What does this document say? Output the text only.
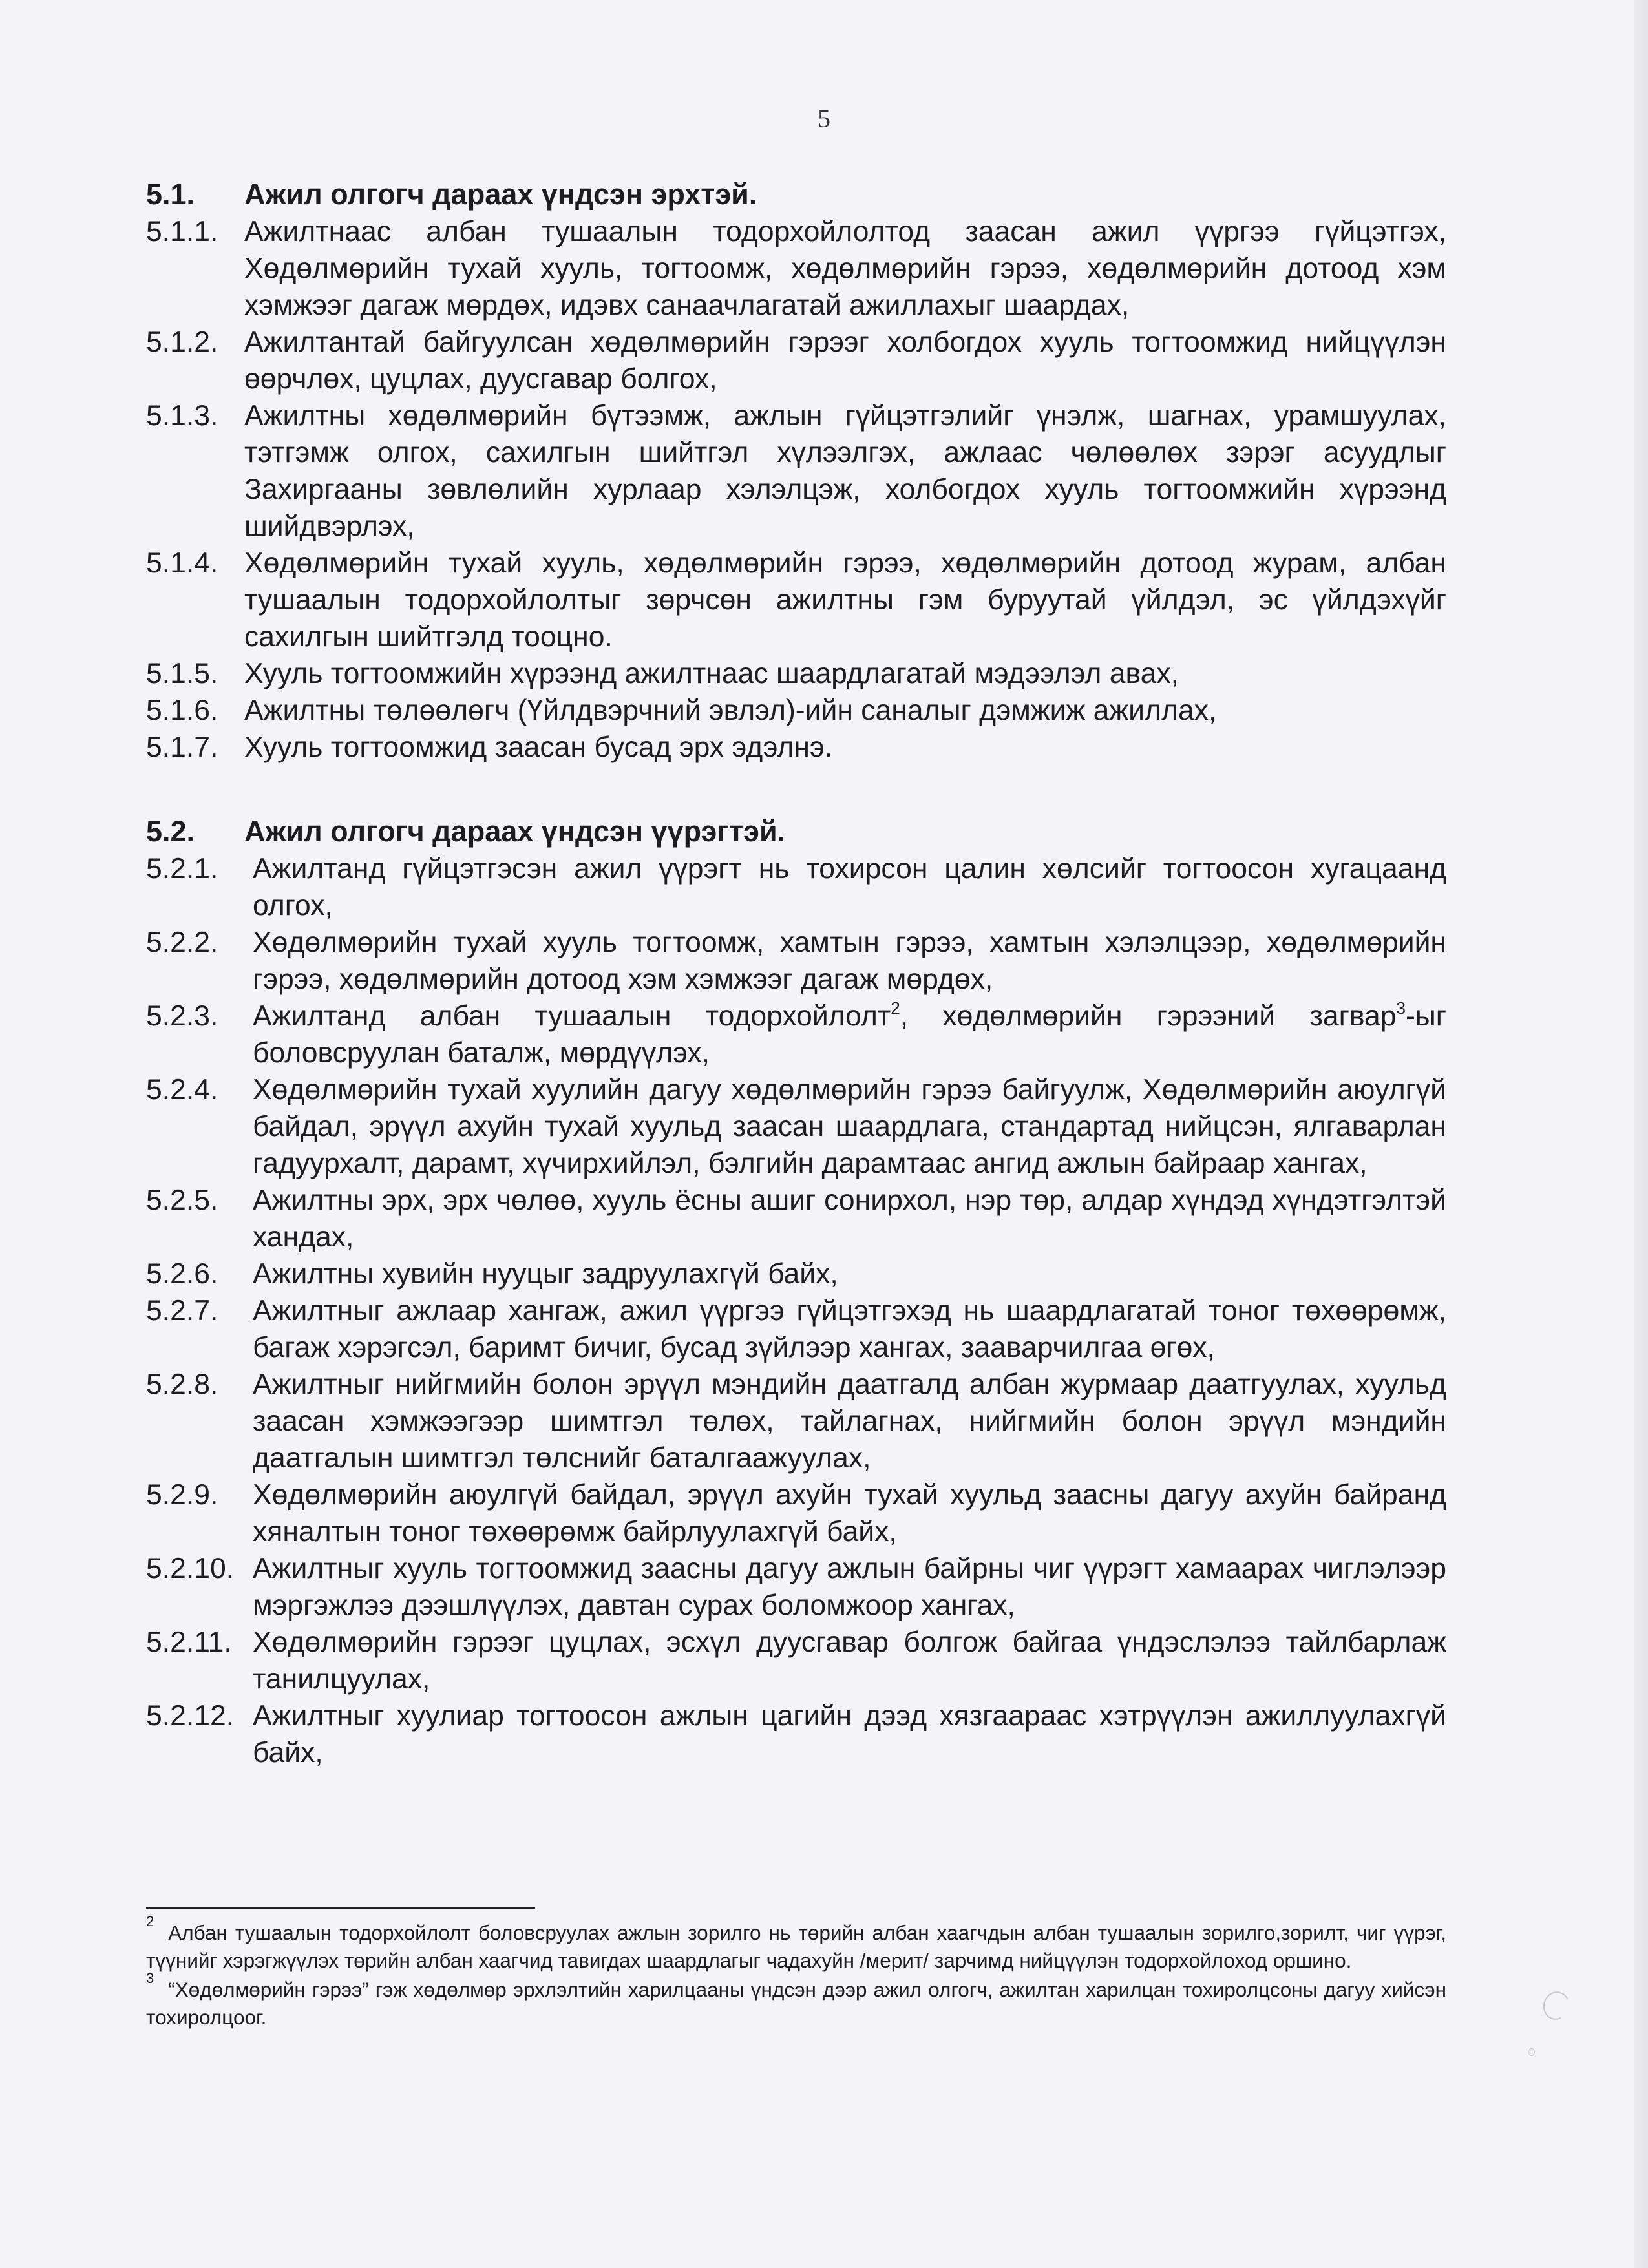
5
5.1.	Ажил олгогч дараах үндсэн эрхтэй.
5.1.1. Ажилтнаас албан тушаалын тодорхойлолтод заасан ажил үүргээ гүйцэтгэх, Хөдөлмөрийн тухай хууль, тогтоомж, хөдөлмөрийн гэрээ, хөдөлмөрийн дотоод хэм хэмжээг дагаж мөрдөх, идэвх санаачлагатай ажиллахыг шаардах,
5.1.2. Ажилтантай байгуулсан хөдөлмөрийн гэрээг холбогдох хууль тогтоомжид нийцүүлэн өөрчлөх, цуцлах, дуусгавар болгох,
5.1.3. Ажилтны хөдөлмөрийн бүтээмж, ажлын гүйцэтгэлийг үнэлж, шагнах, урамшуулах, тэтгэмж олгох, сахилгын шийтгэл хүлээлгэх, ажлаас чөлөөлөх зэрэг асуудлыг Захиргааны зөвлөлийн хурлаар хэлэлцэж, холбогдох хууль тогтоомжийн хүрээнд шийдвэрлэх,
5.1.4. Хөдөлмөрийн тухай хууль, хөдөлмөрийн гэрээ, хөдөлмөрийн дотоод журам, албан тушаалын тодорхойлолтыг зөрчсөн ажилтны гэм буруутай үйлдэл, эс үйлдэхүйг сахилгын шийтгэлд тооцно.
5.1.5. Хууль тогтоомжийн хүрээнд ажилтнаас шаардлагатай мэдээлэл авах,
5.1.6. Ажилтны төлөөлөгч (Үйлдвэрчний эвлэл)-ийн саналыг дэмжиж ажиллах,
5.1.7. Хууль тогтоомжид заасан бусад эрх эдэлнэ.
5.2.	Ажил олгогч дараах үндсэн үүрэгтэй.
5.2.1.	Ажилтанд гүйцэтгэсэн ажил үүрэгт нь тохирсон цалин хөлсийг тогтоосон хугацаанд олгох,
5.2.2.	Хөдөлмөрийн тухай хууль тогтоомж, хамтын гэрээ, хамтын хэлэлцээр, хөдөлмөрийн гэрээ, хөдөлмөрийн дотоод хэм хэмжээг дагаж мөрдөх,
5.2.3.	Ажилтанд албан тушаалын тодорхойлолт$^2$, хөдөлмөрийн гэрээний загвар$^3$-ыг боловсруулан баталж, мөрдүүлэх,
5.2.4.	Хөдөлмөрийн тухай хуулийн дагуу хөдөлмөрийн гэрээ байгуулж, Хөдөлмөрийн аюулгүй байдал, эрүүл ахуйн тухай хуульд заасан шаардлага, стандартад нийцсэн, ялгаварлан гадуурхалт, дарамт, хүчирхийлэл, бэлгийн дарамтаас ангид ажлын байраар хангах,
5.2.5.	Ажилтны эрх, эрх чөлөө, хууль ёсны ашиг сонирхол, нэр төр, алдар хүндэд хүндэтгэлтэй хандах,
5.2.6.	Ажилтны хувийн нууцыг задруулахгүй байх,
5.2.7.	Ажилтныг ажлаар хангаж, ажил үүргээ гүйцэтгэхэд нь шаардлагатай тоног төхөөрөмж, багаж хэрэгсэл, баримт бичиг, бусад зүйлээр хангах, зааварчилгаа өгөх,
5.2.8.	Ажилтныг нийгмийн болон эрүүл мэндийн даатгалд албан журмаар даатгуулах, хуульд заасан хэмжээгээр шимтгэл төлөх, тайлагнах, нийгмийн болон эрүүл мэндийн даатгалын шимтгэл төлснийг баталгаажуулах,
5.2.9.	Хөдөлмөрийн аюулгүй байдал, эрүүл ахуйн тухай хуульд заасны дагуу ахуйн байранд хяналтын тоног төхөөрөмж байрлуулахгүй байх,
5.2.10. Ажилтныг хууль тогтоомжид заасны дагуу ажлын байрны чиг үүрэгт хамаарах чиглэлээр мэргэжлээ дээшлүүлэх, давтан сурах боломжоор хангах,
5.2.11. Хөдөлмөрийн гэрээг цуцлах, эсхүл дуусгавар болгож байгаа үндэслэлээ тайлбарлаж танилцуулах,
5.2.12. Ажилтныг хуулиар тогтоосон ажлын цагийн дээд хязгаараас хэтрүүлэн ажиллуулахгүй байх,
$^2$ Албан тушаалын тодорхойлолт боловсруулах ажлын зорилго нь төрийн албан хаагчдын албан тушаалын зорилго,зорилт, чиг үүрэг, түүнийг хэрэгжүүлэх төрийн албан хаагчид тавигдах шаардлагыг чадахуйн /мерит/ зарчимд нийцүүлэн тодорхойлоход оршино.
$^3$ “Хөдөлмөрийн гэрээ” гэж хөдөлмөр эрхлэлтийн харилцааны үндсэн дээр ажил олгогч, ажилтан харилцан тохиролцсоны дагуу хийсэн тохиролцоог.
